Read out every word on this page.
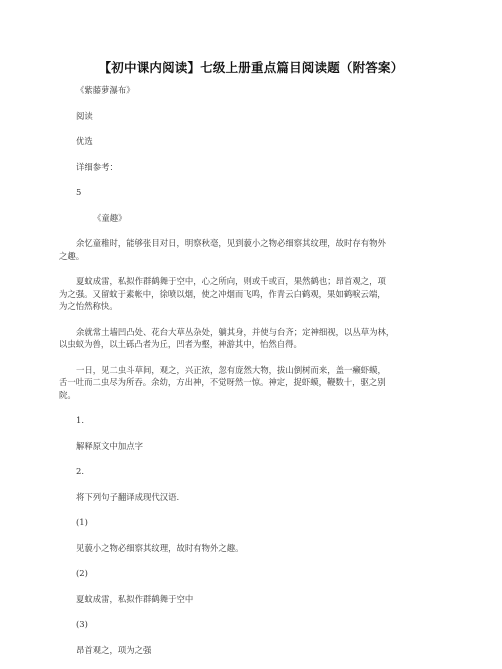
【初中课内阅读】七级上册重点篇目阅读题（附答案）

《紫藤萝瀑布》

阅读

优选

详细参考：

5

《童趣》

余忆童稚时，能够张目对日，明察秋毫，见到藐小之物必细察其纹理，故时存有物外
之趣。

夏蚊成雷，私拟作群鹤舞于空中，心之所向，则或千或百，果然鹤也；昂首观之，项
为之强。又留蚊于素帐中，徐喷以烟，使之冲烟而飞鸣，作青云白鹤观，果如鹤唳云端，
为之怡然称快。

余就常土墙凹凸处、花台大草丛杂处，躺其身，并使与台齐；定神细视，以丛草为林，
以虫蚁为兽，以土砾凸者为丘，凹者为壑，神游其中，怡然自得。

一日，见二虫斗草间，观之，兴正浓，忽有庞然大物，拔山倒树而来，盖一癞虾蟆，
舌一吐而二虫尽为所吞。余幼，方出神，不觉呀然一惊。神定，捉虾蟆，鞭数十，驱之别
院。

1.

解释原文中加点字

2.

将下列句子翻译成现代汉语.

(1)

见藐小之物必细察其纹理，故时有物外之趣。

(2)

夏蚊成雷，私拟作群鹤舞于空中

(3)

昂首观之，项为之强
